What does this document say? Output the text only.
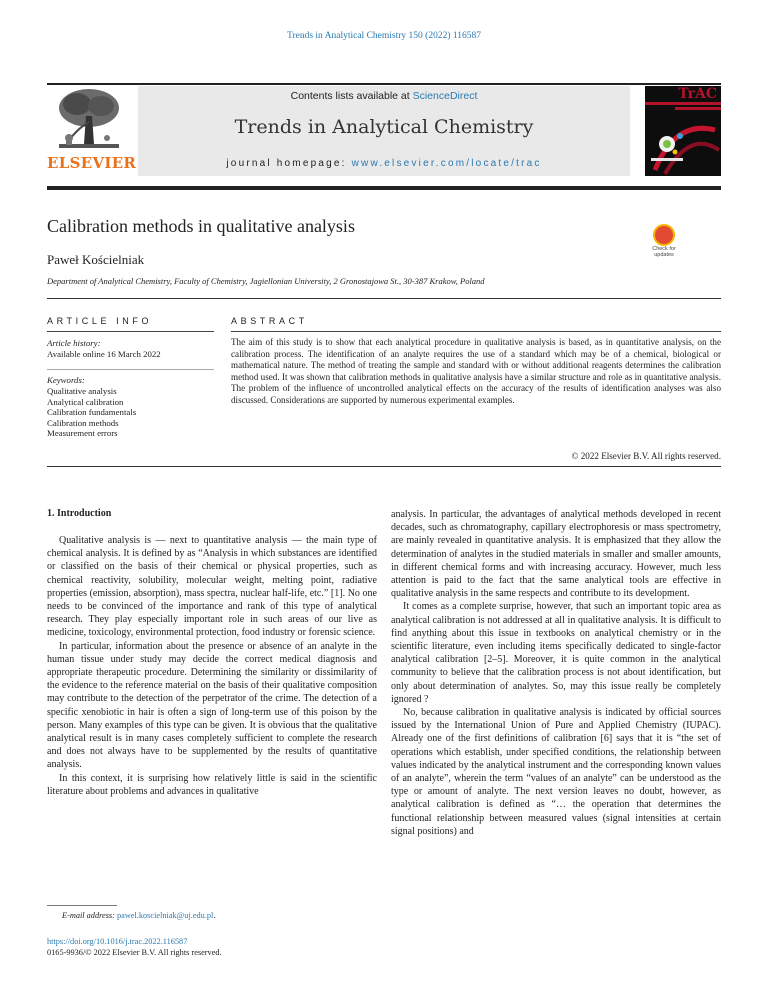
Trends in Analytical Chemistry 150 (2022) 116587
ELSEVIER
Contents lists available at ScienceDirect
Trends in Analytical Chemistry
journal homepage: www.elsevier.com/locate/trac
TrAC
Calibration methods in qualitative analysis
Paweł Kościelniak
Check for updates
Department of Analytical Chemistry, Faculty of Chemistry, Jagiellonian University, 2 Gronostajowa St., 30-387 Krakow, Poland
ARTICLE INFO
Article history:
Available online 16 March 2022
Keywords:
Qualitative analysis
Analytical calibration
Calibration fundamentals
Calibration methods
Measurement errors
ABSTRACT
The aim of this study is to show that each analytical procedure in qualitative analysis is based, as in quantitative analysis, on the calibration process. The identification of an analyte requires the use of a standard which may be of a chemical, biological or mathematical nature. The method of treating the sample and standard with or without additional reagents determines the calibration method used. It was shown that calibration methods in qualitative analysis have a similar structure and role as in quantitative analysis. The problem of the influence of uncontrolled analytical effects on the accuracy of the results of identification analyses was also discussed. Considerations are supported by numerous experimental examples.
© 2022 Elsevier B.V. All rights reserved.
1. Introduction

Qualitative analysis is — next to quantitative analysis — the main type of chemical analysis. It is defined by as “Analysis in which substances are identified or classified on the basis of their chemical or physical properties, such as chemical reactivity, solubility, molecular weight, melting point, radiative properties (emission, absorption), mass spectra, nuclear half-life, etc.” [1]. No one needs to be convinced of the importance and rank of this type of analytical research. They play especially important role in such areas of our live as medicine, toxicology, environmental protection, food industry or forensic science.

In particular, information about the presence or absence of an analyte in the human tissue under study may decide the correct medical diagnosis and appropriate therapeutic procedure. Determining the similarity or dissimilarity of the evidence to the reference material on the basis of their qualitative composition may contribute to the detection of the perpetrator of the crime. The detection of a specific xenobiotic in hair is often a sign of long-term use of this poison by the person. Many examples of this type can be given. It is obvious that the qualitative analytical result is in many cases completely sufficient to complete the research and does not always have to be supplemented by the results of quantitative analysis.

In this context, it is surprising how relatively little is said in the scientific literature about problems and advances in qualitative

analysis. In particular, the advantages of analytical methods developed in recent decades, such as chromatography, capillary electrophoresis or mass spectrometry, are mainly revealed in quantitative analysis. It is emphasized that they allow the determination of analytes in the studied materials in smaller and smaller amounts, in different chemical forms and with increasing accuracy. However, much less attention is paid to the fact that the same analytical tools are effective in qualitative analysis in the same respects and contribute to its development.

It comes as a complete surprise, however, that such an important topic area as analytical calibration is not addressed at all in qualitative analysis. It is difficult to find anything about this issue in textbooks on analytical chemistry or in the scientific literature, even including items specifically dedicated to single-factor analytical calibration [2–5]. Moreover, it is quite common in the analytical community to believe that the calibration process is not about identification, but only about determination of analytes. So, may this issue really be completely ignored ?

No, because calibration in qualitative analysis is indicated by official sources issued by the International Union of Pure and Applied Chemistry (IUPAC). Already one of the first definitions of calibration [6] says that it is “the set of operations which establish, under specified conditions, the relationship between values indicated by the analytical instrument and the corresponding known values of an analyte”, wherein the term “values of an analyte” can be understood as the type or amount of analyte. The next version leaves no doubt, however, as analytical calibration is defined as “… the operation that determines the functional relationship between measured values (signal intensities at certain signal positions) and

E-mail address: pawel.koscielniak@uj.edu.pl.
https://doi.org/10.1016/j.trac.2022.116587
0165-9936/© 2022 Elsevier B.V. All rights reserved.
